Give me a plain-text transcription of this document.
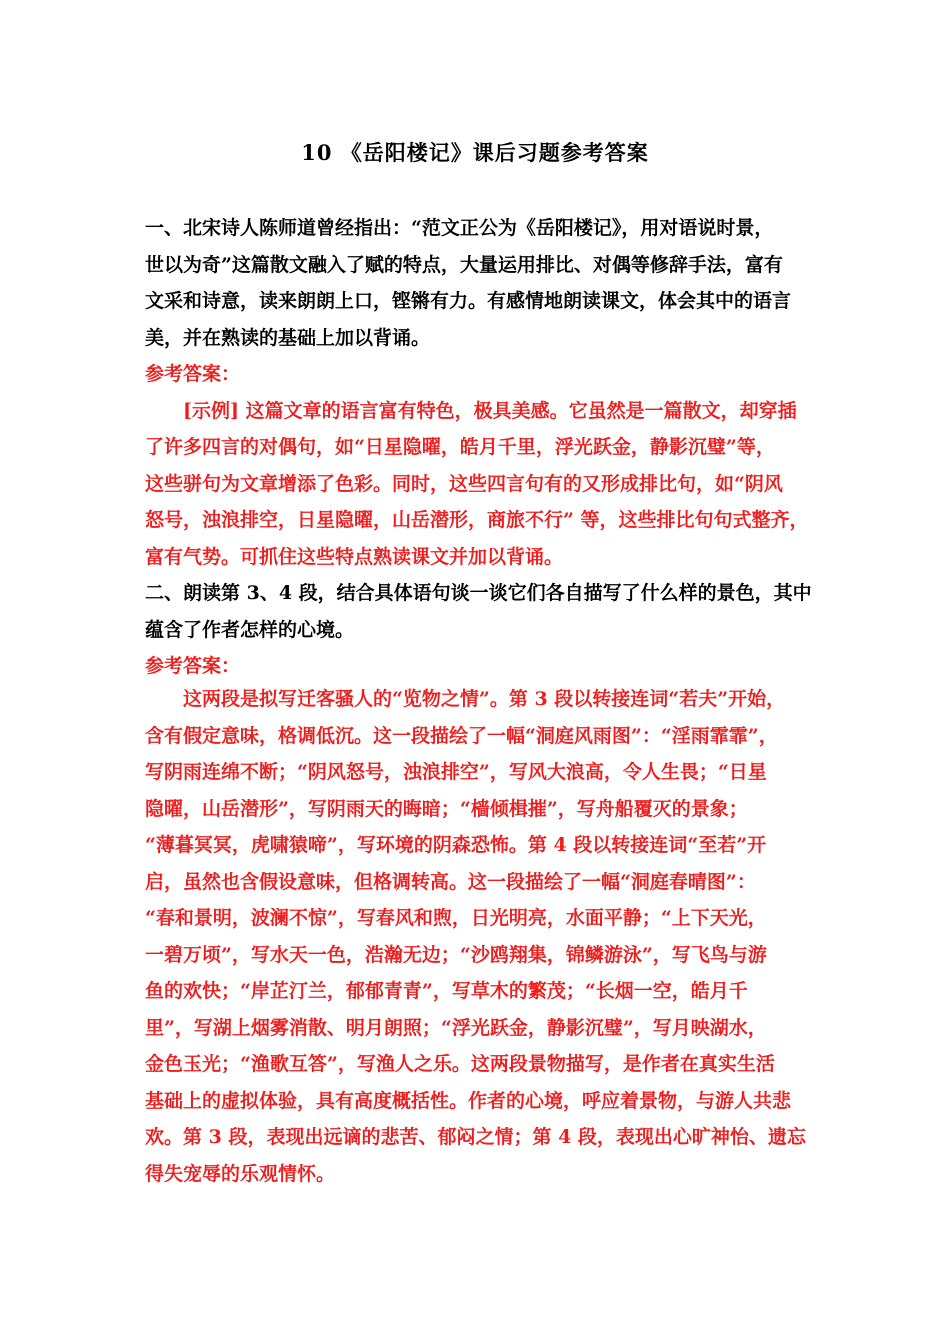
10 《岳阳楼记》课后习题参考答案
一、北宋诗人陈师道曾经指出：“范文正公为《岳阳楼记》，用对语说时景，
世以为奇”这篇散文融入了赋的特点，大量运用排比、对偶等修辞手法，富有
文采和诗意，读来朗朗上口，铿锵有力。有感情地朗读课文，体会其中的语言
美，并在熟读的基础上加以背诵。
参考答案：
[示例] 这篇文章的语言富有特色，极具美感。它虽然是一篇散文，却穿插
了许多四言的对偶句，如“日星隐曜，皓月千里，浮光跃金，静影沉璧”等，
这些骈句为文章增添了色彩。同时，这些四言句有的又形成排比句，如“阴风
怒号，浊浪排空，日星隐曜，山岳潜形，商旅不行” 等，这些排比句句式整齐，
富有气势。可抓住这些特点熟读课文并加以背诵。
二、朗读第 3、4 段，结合具体语句谈一谈它们各自描写了什么样的景色，其中
蕴含了作者怎样的心境。
参考答案：
这两段是拟写迁客骚人的“览物之情”。第 3 段以转接连词“若夫”开始，
含有假定意味，格调低沉。这一段描绘了一幅“洞庭风雨图”：“淫雨霏霏”，
写阴雨连绵不断；“阴风怒号，浊浪排空”，写风大浪高，令人生畏；“日星
隐曜，山岳潜形”，写阴雨天的晦暗；“樯倾楫摧”，写舟船覆灭的景象；
“薄暮冥冥，虎啸猿啼”，写环境的阴森恐怖。第 4 段以转接连词“至若”开
启，虽然也含假设意味，但格调转高。这一段描绘了一幅“洞庭春晴图”：
“春和景明，波澜不惊”，写春风和煦，日光明亮，水面平静；“上下天光，
一碧万顷”，写水天一色，浩瀚无边；“沙鸥翔集，锦鳞游泳”，写飞鸟与游
鱼的欢快；“岸芷汀兰，郁郁青青”，写草木的繁茂；“长烟一空，皓月千
里”，写湖上烟雾消散、明月朗照；“浮光跃金，静影沉璧”，写月映湖水，
金色玉光；“渔歌互答”，写渔人之乐。这两段景物描写，是作者在真实生活
基础上的虚拟体验，具有高度概括性。作者的心境，呼应着景物，与游人共悲
欢。第 3 段，表现出远谪的悲苦、郁闷之情；第 4 段，表现出心旷神怡、遗忘
得失宠辱的乐观情怀。
